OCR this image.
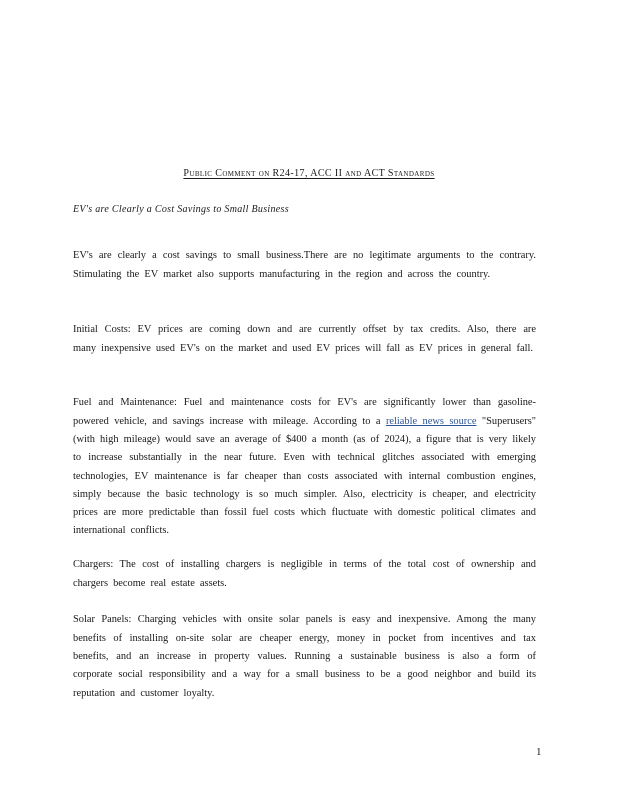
Public Comment on R24-17, ACC II and ACT Standards
EV's are Clearly a Cost Savings to Small Business

EV's are clearly a cost savings to small business.There are no legitimate arguments to the contrary. Stimulating the EV market also supports manufacturing in the region and across the country.

Initial Costs: EV prices are coming down and are currently offset by tax credits. Also, there are many inexpensive used EV's on the market and used EV prices will fall as EV prices in general fall.

Fuel and Maintenance: Fuel and maintenance costs for EV's are significantly lower than gasoline-powered vehicle, and savings increase with mileage. According to a reliable news source "Superusers" (with high mileage) would save an average of $400 a month (as of 2024), a figure that is very likely to increase substantially in the near future. Even with technical glitches associated with emerging technologies, EV maintenance is far cheaper than costs associated with internal combustion engines, simply because the basic technology is so much simpler. Also, electricity is cheaper, and electricity prices are more predictable than fossil fuel costs which fluctuate with domestic political climates and international conflicts.

Chargers: The cost of installing chargers is negligible in terms of the total cost of ownership and chargers become real estate assets.

Solar Panels: Charging vehicles with onsite solar panels is easy and inexpensive. Among the many benefits of installing on-site solar are cheaper energy, money in pocket from incentives and tax benefits, and an increase in property values. Running a sustainable business is also a form of corporate social responsibility and a way for a small business to be a good neighbor and build its reputation and customer loyalty.

1
